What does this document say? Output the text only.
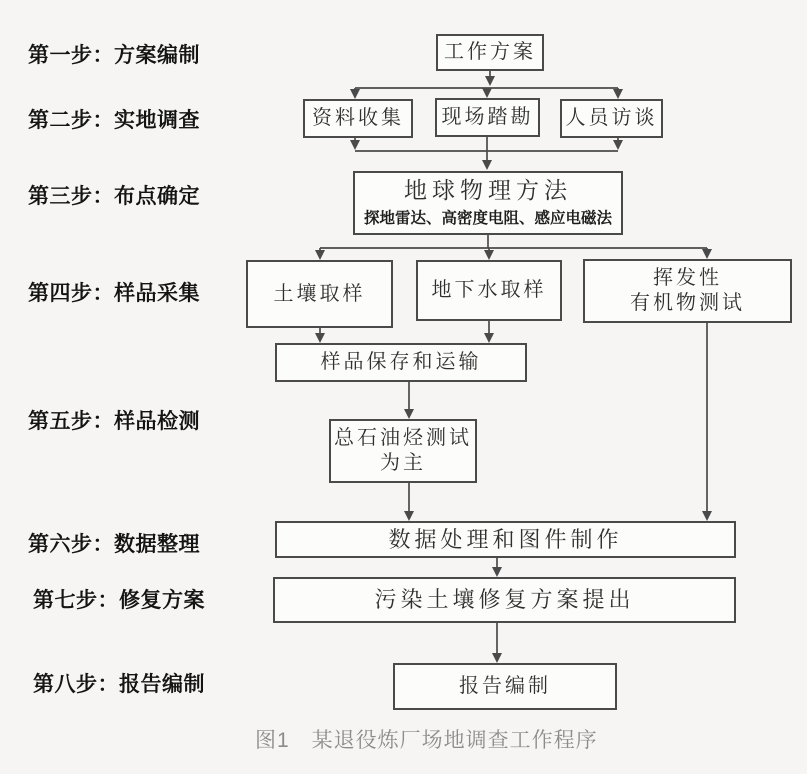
第一步：方案编制
第二步：实地调查
第三步：布点确定
第四步：样品采集
第五步：样品检测
第六步：数据整理
第七步：修复方案
第八步：报告编制
工作方案
资料收集	现场踏勘	人员访谈
地球物理方法
探地雷达、高密度电阻、感应电磁法
土壤取样	地下水取样
挥发性
有机物测试
样品保存和运输
总石油烃测试
为主
数据处理和图件制作
污染土壤修复方案提出
报告编制
图1　某退役炼厂场地调查工作程序
